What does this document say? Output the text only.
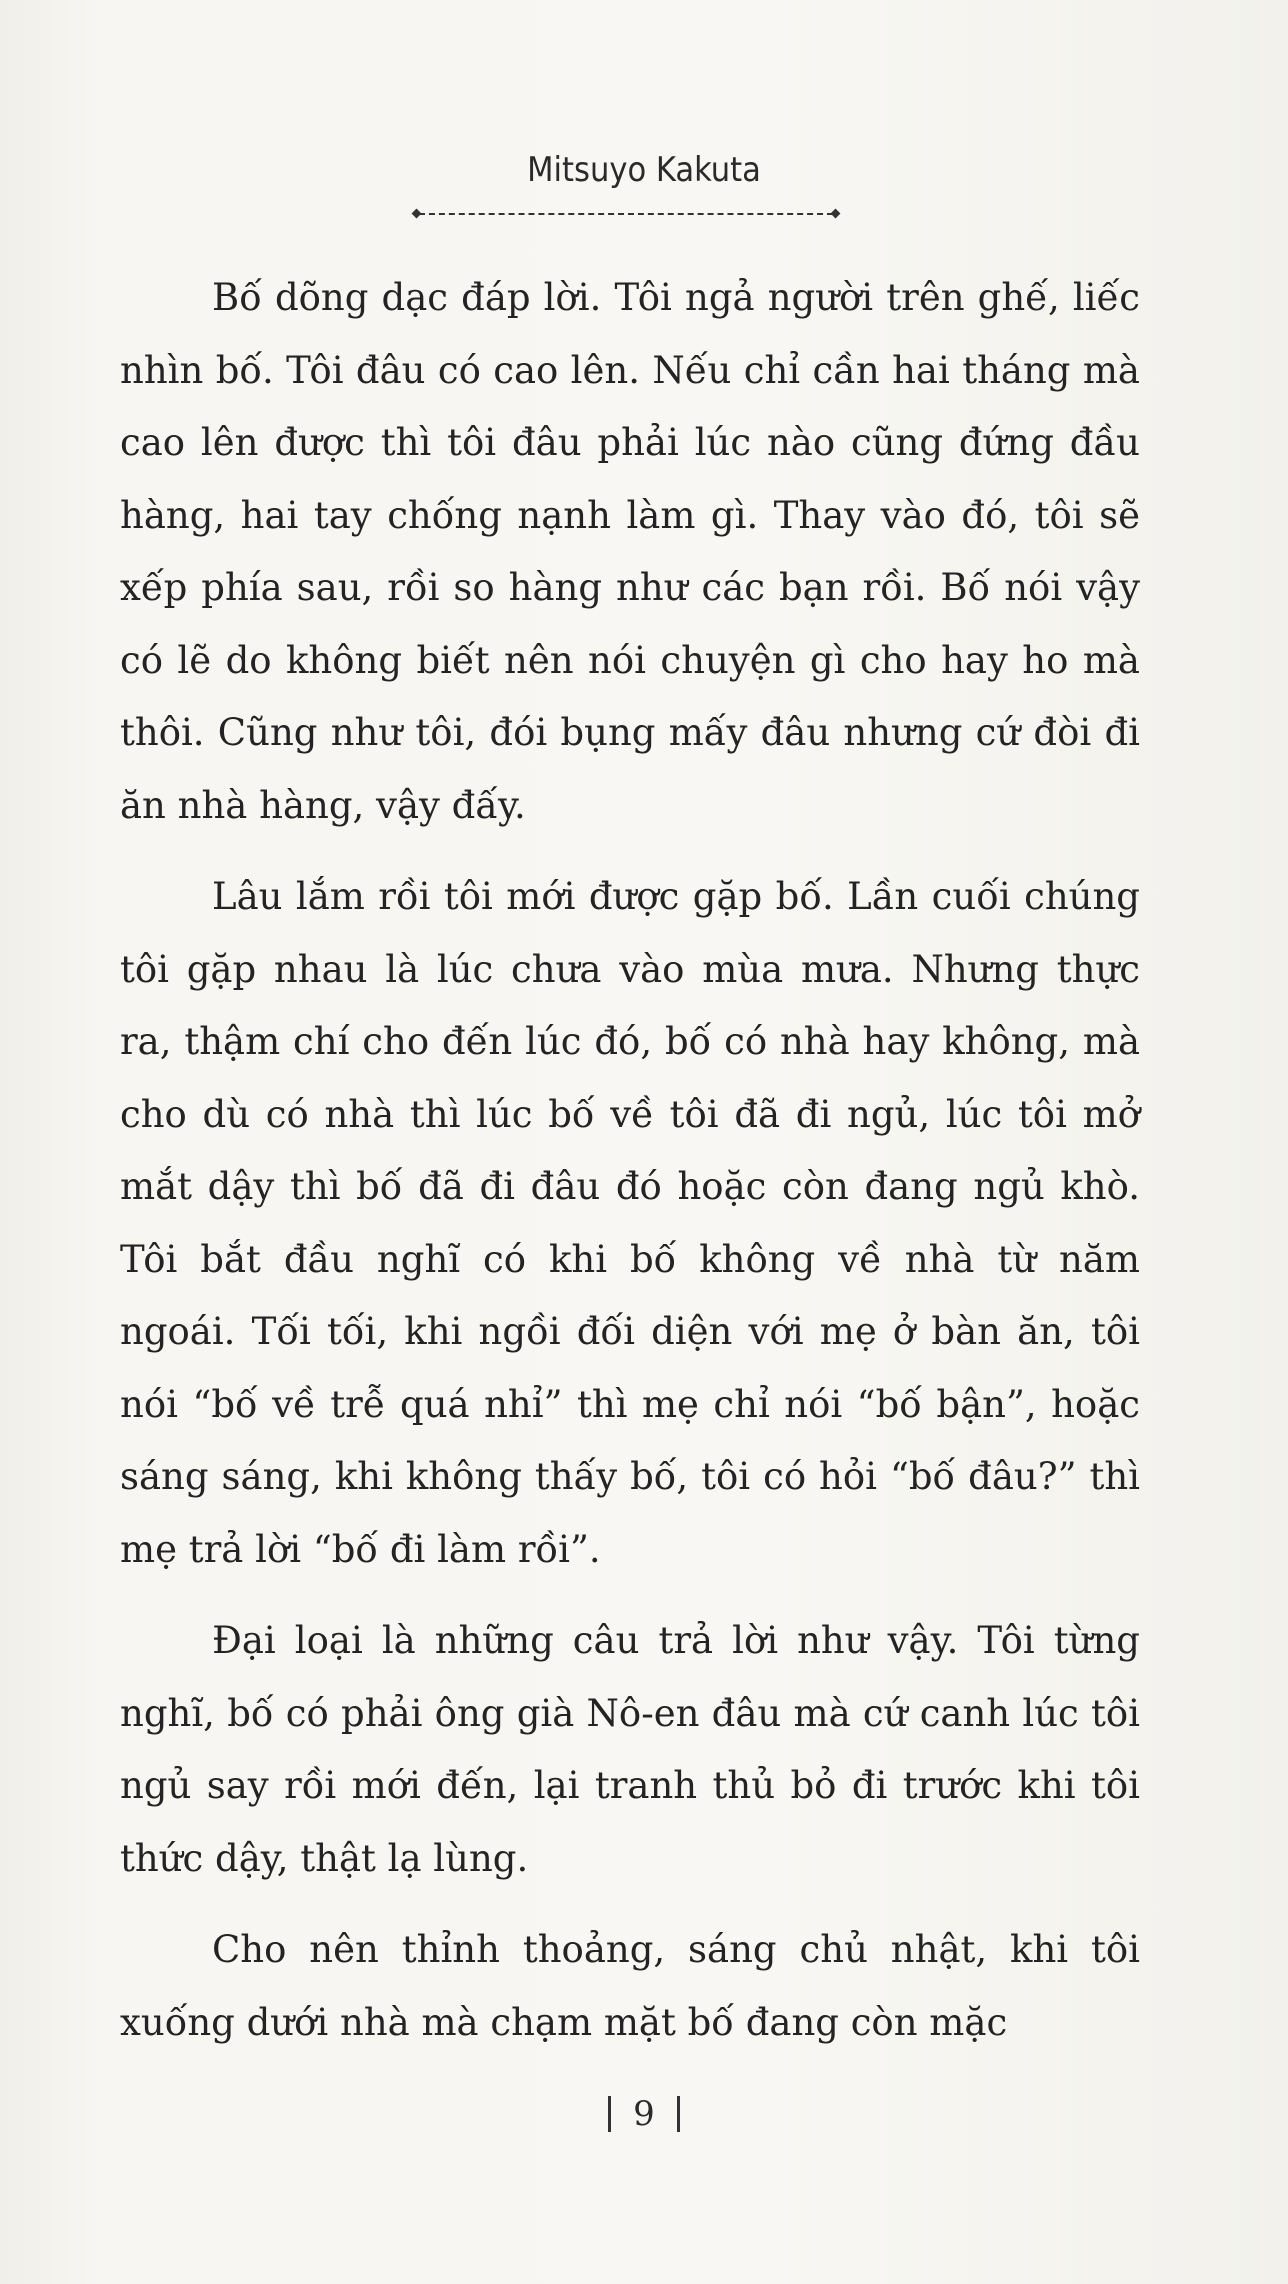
Mitsuyo Kakuta

Bố dõng dạc đáp lời. Tôi ngả người trên ghế, liếc nhìn bố. Tôi đâu có cao lên. Nếu chỉ cần hai tháng mà cao lên được thì tôi đâu phải lúc nào cũng đứng đầu hàng, hai tay chống nạnh làm gì. Thay vào đó, tôi sẽ xếp phía sau, rồi so hàng như các bạn rồi. Bố nói vậy có lẽ do không biết nên nói chuyện gì cho hay ho mà thôi. Cũng như tôi, đói bụng mấy đâu nhưng cứ đòi đi ăn nhà hàng, vậy đấy.

Lâu lắm rồi tôi mới được gặp bố. Lần cuối chúng tôi gặp nhau là lúc chưa vào mùa mưa. Nhưng thực ra, thậm chí cho đến lúc đó, bố có nhà hay không, mà cho dù có nhà thì lúc bố về tôi đã đi ngủ, lúc tôi mở mắt dậy thì bố đã đi đâu đó hoặc còn đang ngủ khò. Tôi bắt đầu nghĩ có khi bố không về nhà từ năm ngoái. Tối tối, khi ngồi đối diện với mẹ ở bàn ăn, tôi nói “bố về trễ quá nhỉ” thì mẹ chỉ nói “bố bận”, hoặc sáng sáng, khi không thấy bố, tôi có hỏi “bố đâu?” thì mẹ trả lời “bố đi làm rồi”.

Đại loại là những câu trả lời như vậy. Tôi từng nghĩ, bố có phải ông già Nô-en đâu mà cứ canh lúc tôi ngủ say rồi mới đến, lại tranh thủ bỏ đi trước khi tôi thức dậy, thật lạ lùng.

Cho nên thỉnh thoảng, sáng chủ nhật, khi tôi xuống dưới nhà mà chạm mặt bố đang còn mặc

9
